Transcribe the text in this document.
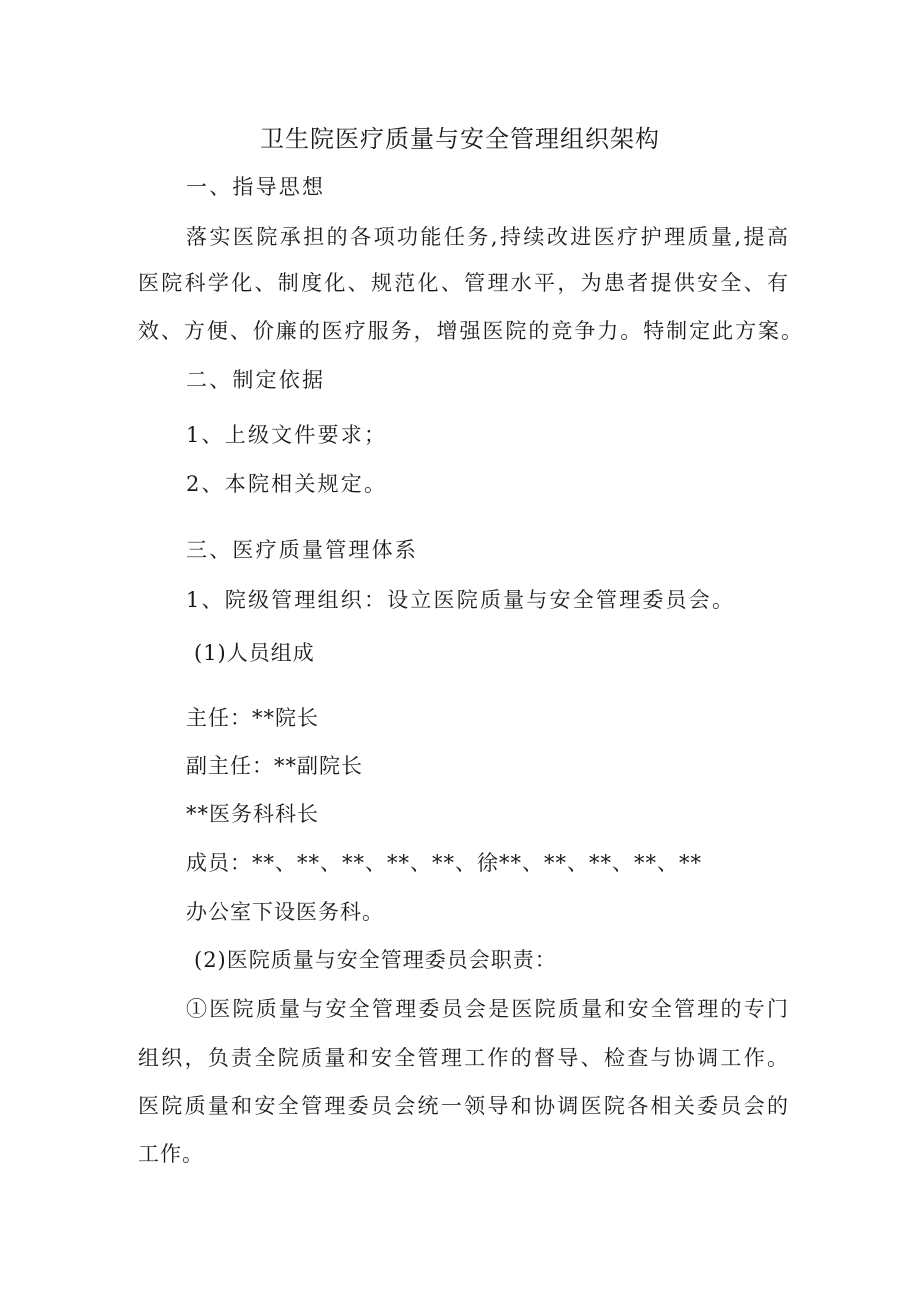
卫生院医疗质量与安全管理组织架构
一、指导思想
落实医院承担的各项功能任务,持续改进医疗护理质量,提高
医院科学化、制度化、规范化、管理水平，为患者提供安全、有
效、方便、价廉的医疗服务，增强医院的竞争力。特制定此方案。
二、制定依据
1、上级文件要求；
2、本院相关规定。
三、医疗质量管理体系
1、院级管理组织：设立医院质量与安全管理委员会。
(1)人员组成
主任：**院长
副主任：**副院长
**医务科科长
成员：**、**、**、**、**、徐**、**、**、**、**
办公室下设医务科。
(2)医院质量与安全管理委员会职责：
①医院质量与安全管理委员会是医院质量和安全管理的专门
组织，负责全院质量和安全管理工作的督导、检查与协调工作。
医院质量和安全管理委员会统一领导和协调医院各相关委员会的
工作。
